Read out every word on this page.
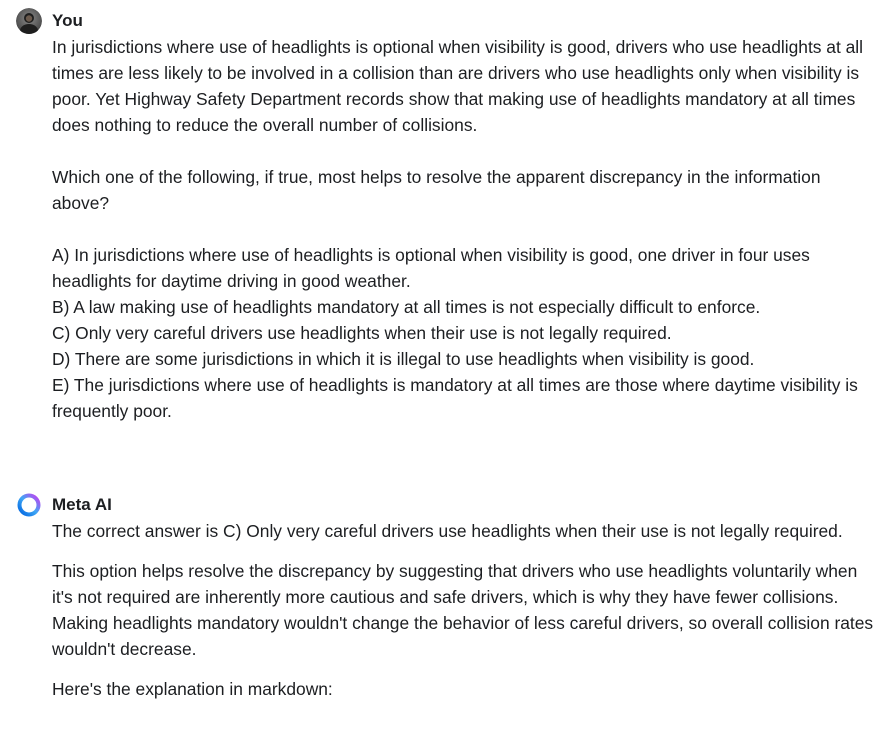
You

In jurisdictions where use of headlights is optional when visibility is good, drivers who use headlights at all times are less likely to be involved in a collision than are drivers who use headlights only when visibility is poor. Yet Highway Safety Department records show that making use of headlights mandatory at all times does nothing to reduce the overall number of collisions.

Which one of the following, if true, most helps to resolve the apparent discrepancy in the information above?

A) In jurisdictions where use of headlights is optional when visibility is good, one driver in four uses headlights for daytime driving in good weather.

B) A law making use of headlights mandatory at all times is not especially difficult to enforce.

C) Only very careful drivers use headlights when their use is not legally required.

D) There are some jurisdictions in which it is illegal to use headlights when visibility is good.

E) The jurisdictions where use of headlights is mandatory at all times are those where daytime visibility is frequently poor.

Meta AI

The correct answer is C) Only very careful drivers use headlights when their use is not legally required.

This option helps resolve the discrepancy by suggesting that drivers who use headlights voluntarily when it's not required are inherently more cautious and safe drivers, which is why they have fewer collisions. Making headlights mandatory wouldn't change the behavior of less careful drivers, so overall collision rates wouldn't decrease.

Here's the explanation in markdown:
